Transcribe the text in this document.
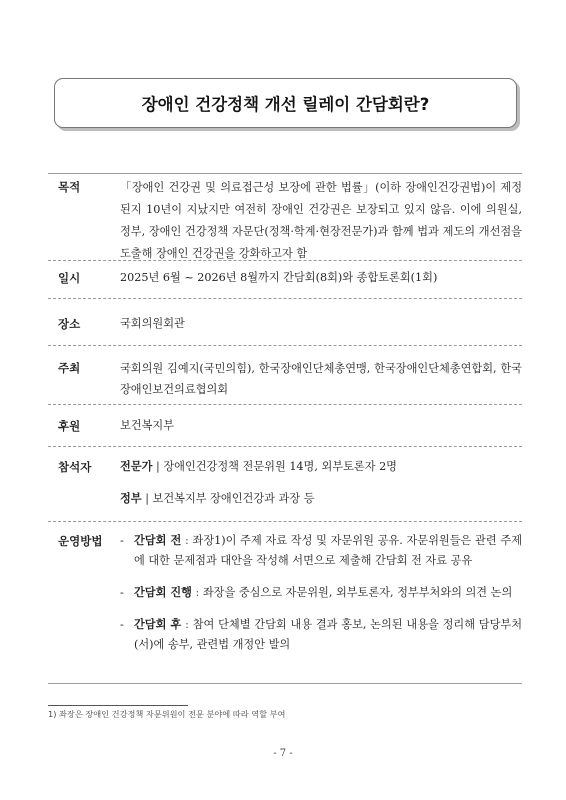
장애인 건강정책 개선 릴레이 간담회란?
목적	「장애인 건강권 및 의료접근성 보장에 관한 법률」(이하 장애인건강권법)이 제정된지 10년이 지났지만 여전히 장애인 건강권은 보장되고 있지 않음. 이에 의원실, 정부, 장애인 건강정책 자문단(정책·학계·현장전문가)과 함께 법과 제도의 개선점을 도출해 장애인 건강권을 강화하고자 함
일시	2025년 6월 ~ 2026년 8월까지 간담회(8회)와 종합토론회(1회)
장소	국회의원회관
주최	국회의원 김예지(국민의힘), 한국장애인단체총연맹, 한국장애인단체총연합회, 한국장애인보건의료협의회
후원	보건복지부
참석자	전문가 | 장애인건강정책 전문위원 14명, 외부토론자 2명
정부 | 보건복지부 장애인건강과 과장 등
운영방법	- 간담회 전 : 좌장1)이 주제 자료 작성 및 자문위원 공유. 자문위원들은 관련 주제에 대한 문제점과 대안을 작성해 서면으로 제출해 간담회 전 자료 공유
- 간담회 진행 : 좌장을 중심으로 자문위원, 외부토론자, 정부부처와의 의견 논의
- 간담회 후 : 참여 단체별 간담회 내용 결과 홍보, 논의된 내용을 정리해 담당부처(서)에 송부, 관련법 개정안 발의
1) 좌장은 장애인 건강정책 자문위원이 전문 분야에 따라 역할 부여
- 7 -
